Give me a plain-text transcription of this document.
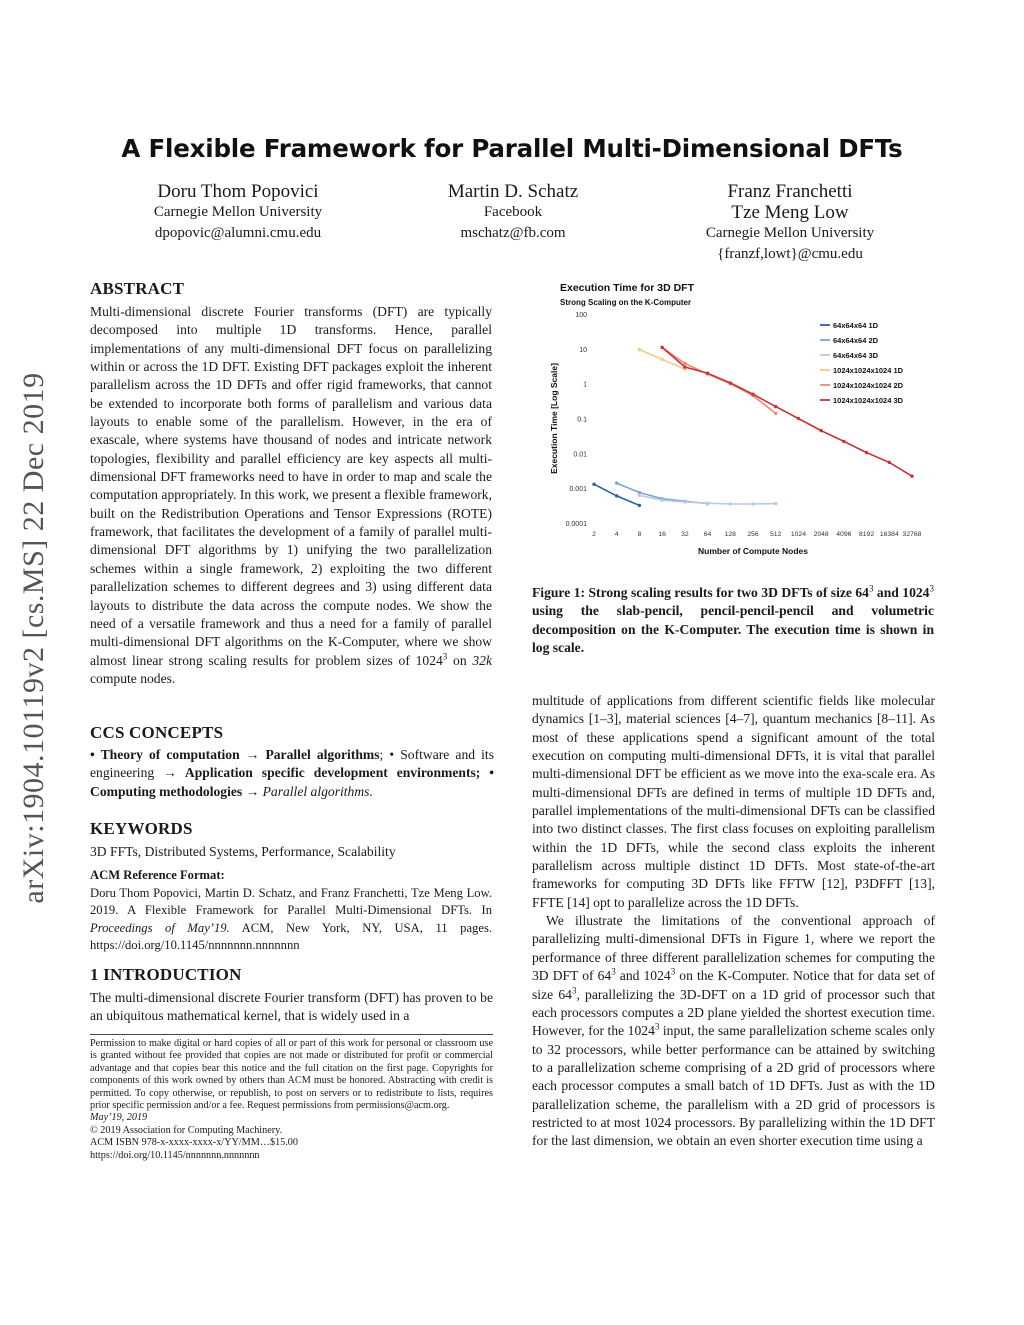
arXiv:1904.10119v2 [cs.MS] 22 Dec 2019
A Flexible Framework for Parallel Multi-Dimensional DFTs
Doru Thom Popovici
Carnegie Mellon University
dpopovic@alumni.cmu.edu
Martin D. Schatz
Facebook
mschatz@fb.com
Franz Franchetti
Tze Meng Low
Carnegie Mellon University
{franzf,lowt}@cmu.edu
ABSTRACT
Multi-dimensional discrete Fourier transforms (DFT) are typically decomposed into multiple 1D transforms. Hence, parallel implementations of any multi-dimensional DFT focus on parallelizing within or across the 1D DFT. Existing DFT packages exploit the inherent parallelism across the 1D DFTs and offer rigid frameworks, that cannot be extended to incorporate both forms of parallelism and various data layouts to enable some of the parallelism. However, in the era of exascale, where systems have thousand of nodes and intricate network topologies, flexibility and parallel efficiency are key aspects all multi-dimensional DFT frameworks need to have in order to map and scale the computation appropriately. In this work, we present a flexible framework, built on the Redistribution Operations and Tensor Expressions (ROTE) framework, that facilitates the development of a family of parallel multi-dimensional DFT algorithms by 1) unifying the two parallelization schemes within a single framework, 2) exploiting the two different parallelization schemes to different degrees and 3) using different data layouts to distribute the data across the compute nodes. We show the need of a versatile framework and thus a need for a family of parallel multi-dimensional DFT algorithms on the K-Computer, where we show almost linear strong scaling results for problem sizes of 1024$^3$ on 32k compute nodes.
CCS CONCEPTS
• Theory of computation → Parallel algorithms; • Software and its engineering → Application specific development environments; • Computing methodologies → Parallel algorithms.
KEYWORDS
3D FFTs, Distributed Systems, Performance, Scalability
ACM Reference Format:
Doru Thom Popovici, Martin D. Schatz, and Franz Franchetti, Tze Meng Low. 2019. A Flexible Framework for Parallel Multi-Dimensional DFTs. In Proceedings of May’19. ACM, New York, NY, USA, 11 pages. https://doi.org/10.1145/nnnnnnn.nnnnnnn
1 INTRODUCTION
The multi-dimensional discrete Fourier transform (DFT) has proven to be an ubiquitous mathematical kernel, that is widely used in a
Permission to make digital or hard copies of all or part of this work for personal or classroom use is granted without fee provided that copies are not made or distributed for profit or commercial advantage and that copies bear this notice and the full citation on the first page. Copyrights for components of this work owned by others than ACM must be honored. Abstracting with credit is permitted. To copy otherwise, or republish, to post on servers or to redistribute to lists, requires prior specific permission and/or a fee. Request permissions from permissions@acm.org.
May’19, 2019
© 2019 Association for Computing Machinery.
ACM ISBN 978-x-xxxx-xxxx-x/YY/MM…$15.00
https://doi.org/10.1145/nnnnnnn.nnnnnnn
Execution Time for 3D DFT
Strong Scaling on the K-Computer
100
10
1
0.1
0.01
0.001
0.0001
2	4	8	16 32 64 128 256 512 1024 2048 4096 8192 16384 32768
Number of Compute Nodes
Execution Time [Log Scale]
64x64x64 1D
64x64x64 2D
64x64x64 3D
1024x1024x1024 1D
1024x1024x1024 2D
1024x1024x1024 3D
Figure 1: Strong scaling results for two 3D DFTs of size $64^3$ and 1024$^3$ using the slab-pencil, pencil-pencil-pencil and volumetric decomposition on the K-Computer. The execution time is shown in log scale.

multitude of applications from different scientific fields like molecular dynamics [1–3], material sciences [4–7], quantum mechanics [8–11]. As most of these applications spend a significant amount of the total execution on computing multi-dimensional DFTs, it is vital that parallel multi-dimensional DFT be efficient as we move into the exa-scale era. As multi-dimensional DFTs are defined in terms of multiple 1D DFTs and, parallel implementations of the multi-dimensional DFTs can be classified into two distinct classes. The first class focuses on exploiting parallelism within the 1D DFTs, while the second class exploits the inherent parallelism across multiple distinct 1D DFTs. Most state-of-the-art frameworks for computing 3D DFTs like FFTW [12], P3DFFT [13], FFTE [14] opt to parallelize across the 1D DFTs.

We illustrate the limitations of the conventional approach of parallelizing multi-dimensional DFTs in Figure 1, where we report the performance of three different parallelization schemes for computing the 3D DFT of $64^3$ and 1024$^3$ on the K-Computer. Notice that for data set of size $64^3$, parallelizing the 3D-DFT on a 1D grid of processor such that each processors computes a 2D plane yielded the shortest execution time. However, for the 1024$^3$ input, the same parallelization scheme scales only to 32 processors, while better performance can be attained by switching to a parallelization scheme comprising of a 2D grid of processors where each processor computes a small batch of 1D DFTs. Just as with the 1D parallelization scheme, the parallelism with a 2D grid of processors is restricted to at most 1024 processors. By parallelizing within the 1D DFT for the last dimension, we obtain an even shorter execution time using a
